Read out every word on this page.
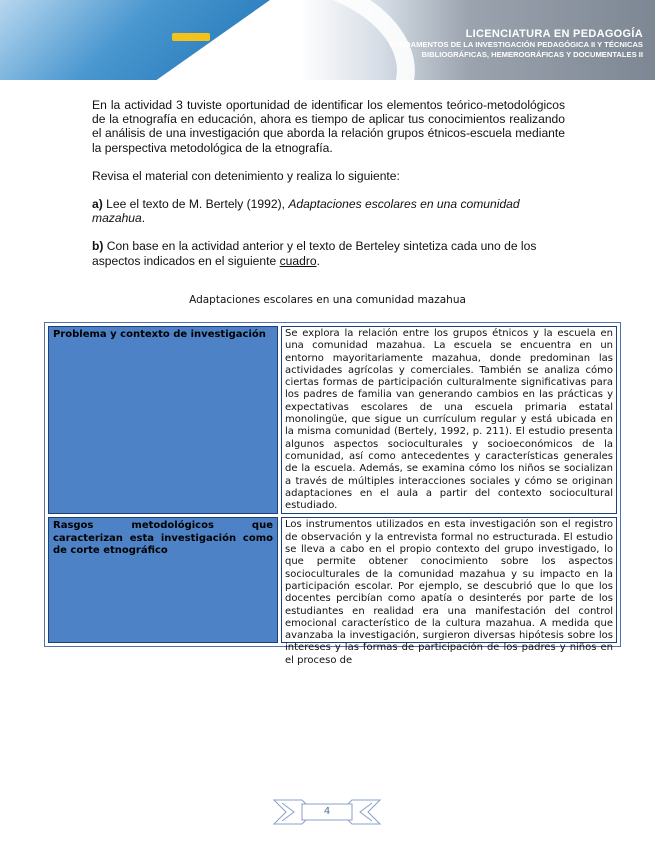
LICENCIATURA EN PEDAGOGÍA
FUNDAMENTOS DE LA INVESTIGACIÓN PEDAGÓGICA II Y TÉCNICAS
BIBLIOGRÁFICAS, HEMEROGRÁFICAS Y DOCUMENTALES II

En la actividad 3 tuviste oportunidad de identificar los elementos teórico-metodológicos de la etnografía en educación, ahora es tiempo de aplicar tus conocimientos realizando el análisis de una investigación que aborda la relación grupos étnicos-escuela mediante la perspectiva metodológica de la etnografía.

Revisa el material con detenimiento y realiza lo siguiente:

a) Lee el texto de M. Bertely (1992), Adaptaciones escolares en una comunidad mazahua.

b) Con base en la actividad anterior y el texto de Berteley sintetiza cada uno de los aspectos indicados en el siguiente cuadro.

Adaptaciones escolares en una comunidad mazahua
Problema y contexto de investigación	Se explora la relación entre los grupos étnicos y la escuela en una comunidad mazahua. La escuela se encuentra en un entorno mayoritariamente mazahua, donde predominan las actividades agrícolas y comerciales. También se analiza cómo ciertas formas de participación culturalmente significativas para los padres de familia van generando cambios en las prácticas y expectativas escolares de una escuela primaria estatal monolingüe, que sigue un currículum regular y está ubicada en la misma comunidad (Bertely, 1992, p. 211). El estudio presenta algunos aspectos socioculturales y socioeconómicos de la comunidad, así como antecedentes y características generales de la escuela. Además, se examina cómo los niños se socializan a través de múltiples interacciones sociales y cómo se originan adaptaciones en el aula a partir del contexto sociocultural estudiado.
Rasgos metodológicos que caracterizan esta investigación como de corte etnográfico	Los instrumentos utilizados en esta investigación son el registro de observación y la entrevista formal no estructurada. El estudio se lleva a cabo en el propio contexto del grupo investigado, lo que permite obtener conocimiento sobre los aspectos socioculturales de la comunidad mazahua y su impacto en la participación escolar. Por ejemplo, se descubrió que lo que los docentes percibían como apatía o desinterés por parte de los estudiantes en realidad era una manifestación del control emocional característico de la cultura mazahua. A medida que avanzaba la investigación, surgieron diversas hipótesis sobre los intereses y las formas de participación de los padres y niños en el proceso de
4
